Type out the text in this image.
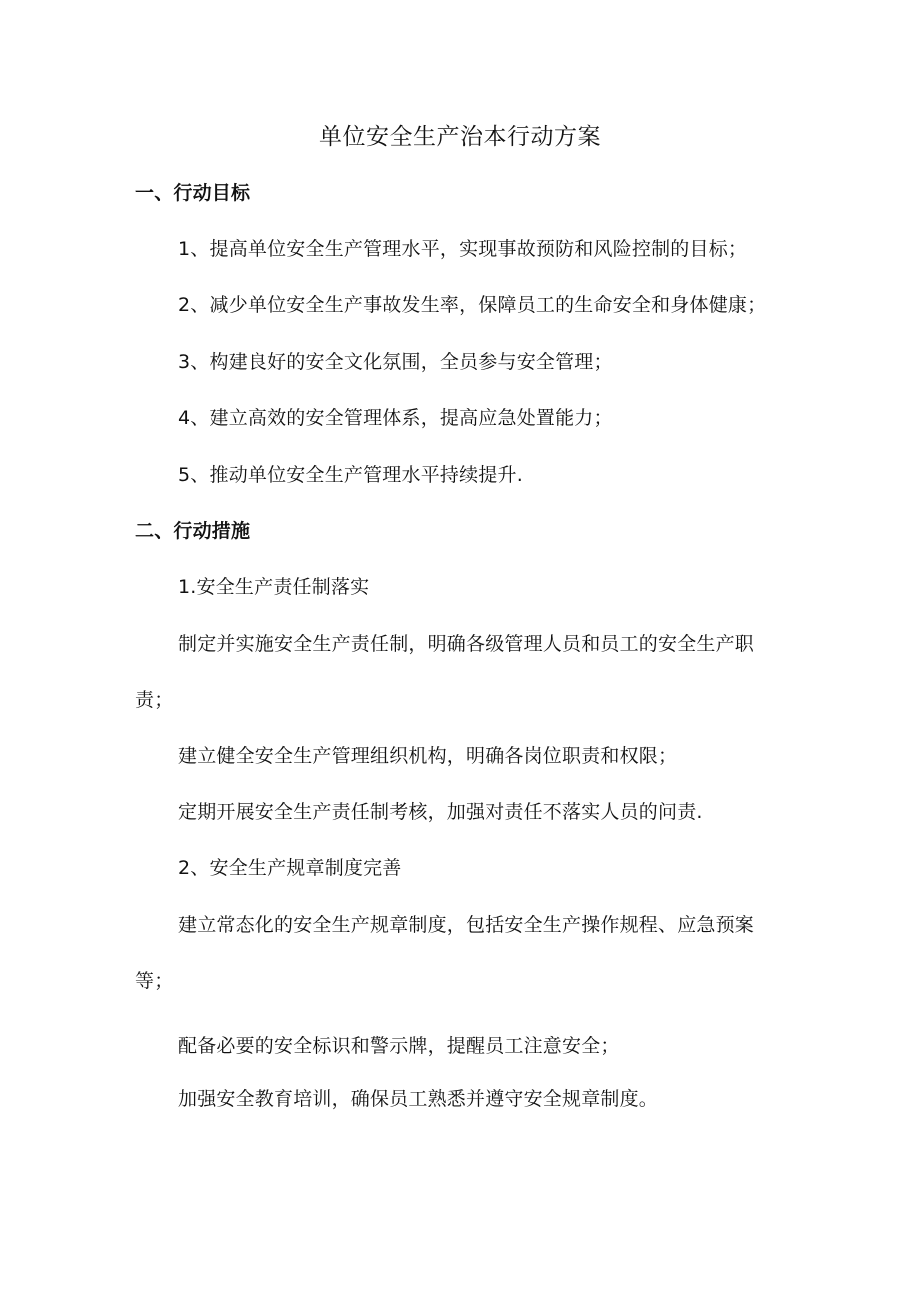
单位安全生产治本行动方案
一、行动目标
1、提高单位安全生产管理水平，实现事故预防和风险控制的目标；
2、减少单位安全生产事故发生率，保障员工的生命安全和身体健康；
3、构建良好的安全文化氛围，全员参与安全管理；
4、建立高效的安全管理体系，提高应急处置能力；
5、推动单位安全生产管理水平持续提升.
二、行动措施
1.安全生产责任制落实
制定并实施安全生产责任制，明确各级管理人员和员工的安全生产职
责；
建立健全安全生产管理组织机构，明确各岗位职责和权限；
定期开展安全生产责任制考核，加强对责任不落实人员的问责.
2、安全生产规章制度完善
建立常态化的安全生产规章制度，包括安全生产操作规程、应急预案
等；
配备必要的安全标识和警示牌，提醒员工注意安全；
加强安全教育培训，确保员工熟悉并遵守安全规章制度。
